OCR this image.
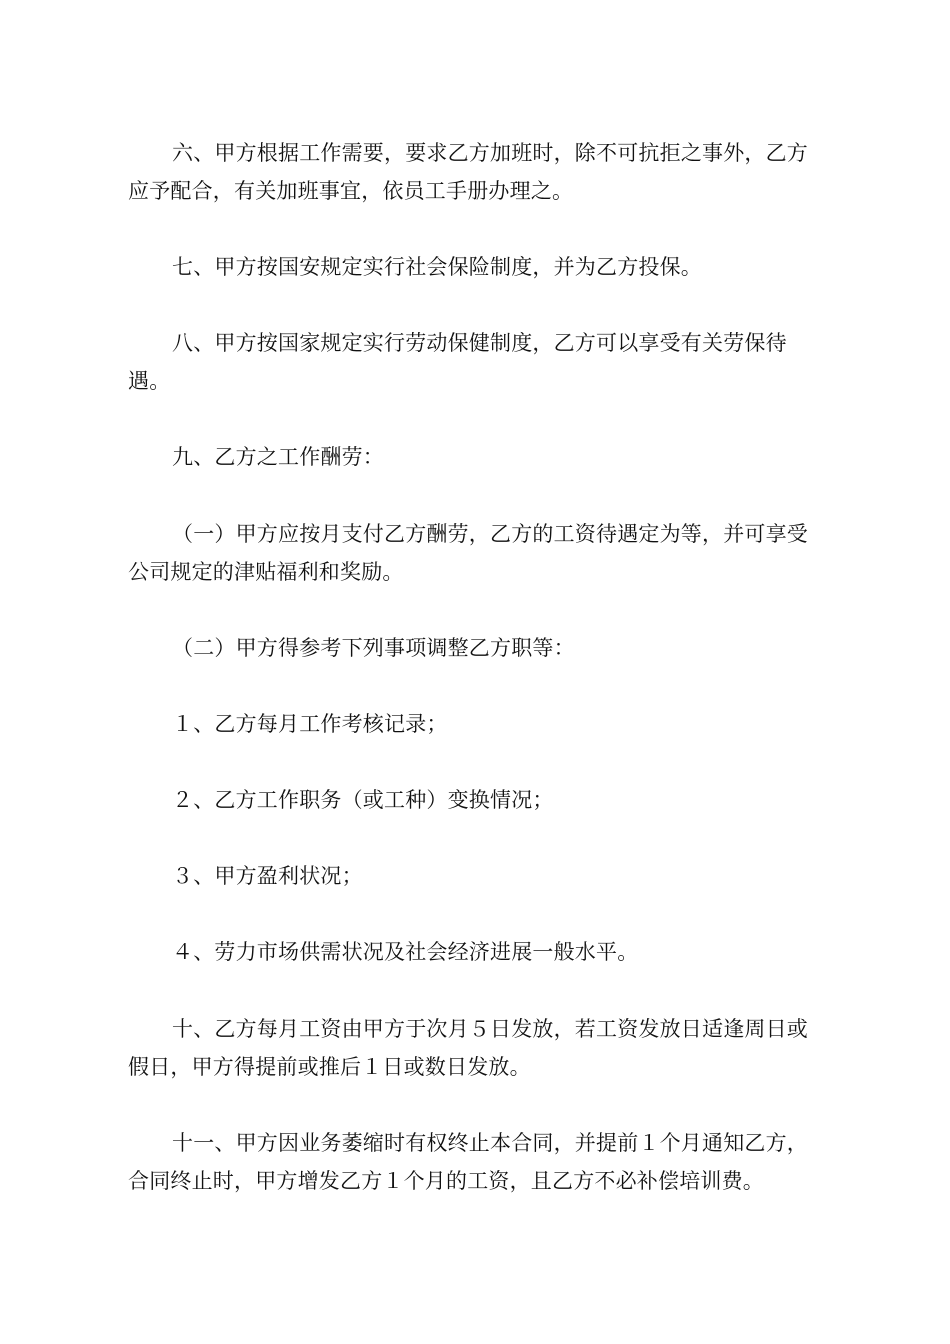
六、甲方根据工作需要，要求乙方加班时，除不可抗拒之事外，乙方应予配合，有关加班事宜，依员工手册办理之。

七、甲方按国安规定实行社会保险制度，并为乙方投保。

八、甲方按国家规定实行劳动保健制度，乙方可以享受有关劳保待遇。

九、乙方之工作酬劳：

（一）甲方应按月支付乙方酬劳，乙方的工资待遇定为等，并可享受公司规定的津贴福利和奖励。

（二）甲方得参考下列事项调整乙方职等：

１、乙方每月工作考核记录；

２、乙方工作职务（或工种）变换情况；

３、甲方盈利状况；

４、劳力市场供需状况及社会经济进展一般水平。

十、乙方每月工资由甲方于次月５日发放，若工资发放日适逢周日或假日，甲方得提前或推后１日或数日发放。

十一、甲方因业务萎缩时有权终止本合同，并提前１个月通知乙方，合同终止时，甲方增发乙方１个月的工资，且乙方不必补偿培训费。
